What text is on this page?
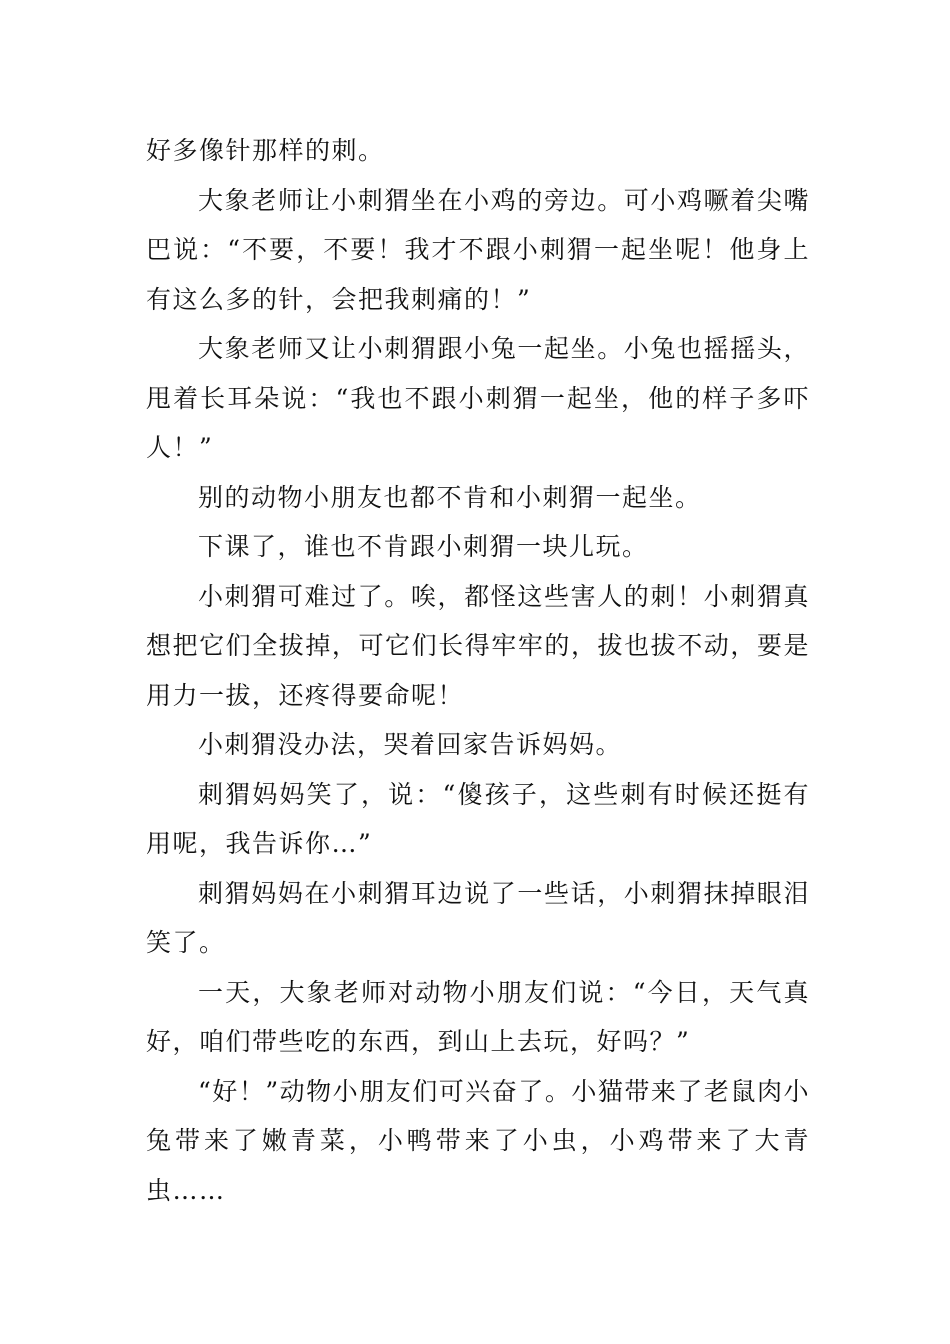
好多像针那样的刺。

大象老师让小刺猬坐在小鸡的旁边。可小鸡噘着尖嘴巴说：“不要，不要！我才不跟小刺猬一起坐呢！他身上有这么多的针，会把我刺痛的！”

大象老师又让小刺猬跟小兔一起坐。小兔也摇摇头，甩着长耳朵说：“我也不跟小刺猬一起坐，他的样子多吓人！”

别的动物小朋友也都不肯和小刺猬一起坐。

下课了，谁也不肯跟小刺猬一块儿玩。

小刺猬可难过了。唉，都怪这些害人的刺！小刺猬真想把它们全拔掉，可它们长得牢牢的，拔也拔不动，要是用力一拔，还疼得要命呢！

小刺猬没办法，哭着回家告诉妈妈。

刺猬妈妈笑了，说：“傻孩子，这些刺有时候还挺有用呢，我告诉你…”

刺猬妈妈在小刺猬耳边说了一些话，小刺猬抹掉眼泪笑了。

一天，大象老师对动物小朋友们说：“今日，天气真好，咱们带些吃的东西，到山上去玩，好吗？”

“好！”动物小朋友们可兴奋了。小猫带来了老鼠肉小兔带来了嫩青菜，小鸭带来了小虫，小鸡带来了大青虫……
